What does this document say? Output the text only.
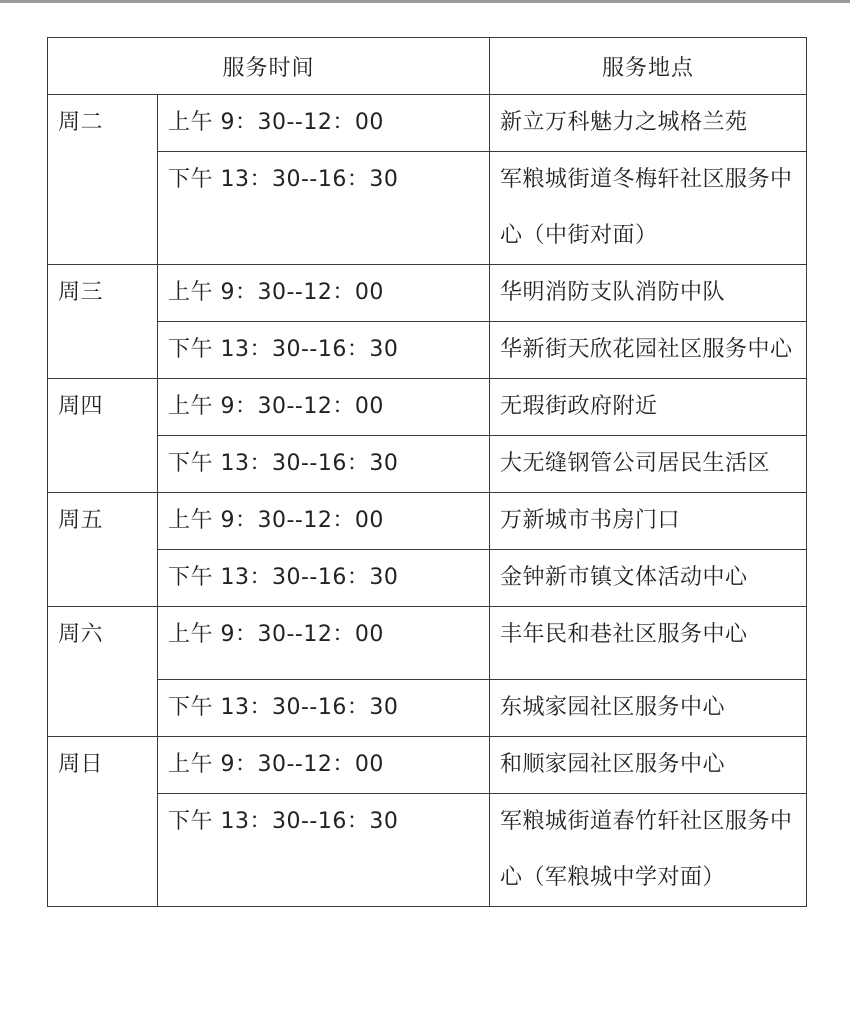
服务时间		服务地点
周二	上午 9：30--12：00	新立万科魅力之城格兰苑
	下午 13：30--16：30	军粮城街道冬梅轩社区服务中心（中街对面）
周三	上午 9：30--12：00	华明消防支队消防中队
	下午 13：30--16：30	华新街天欣花园社区服务中心
周四	上午 9：30--12：00	无瑕街政府附近
	下午 13：30--16：30	大无缝钢管公司居民生活区
周五	上午 9：30--12：00	万新城市书房门口
	下午 13：30--16：30	金钟新市镇文体活动中心
周六	上午 9：30--12：00	丰年民和巷社区服务中心
	下午 13：30--16：30	东城家园社区服务中心
周日	上午 9：30--12：00	和顺家园社区服务中心
	下午 13：30--16：30	军粮城街道春竹轩社区服务中心（军粮城中学对面）
